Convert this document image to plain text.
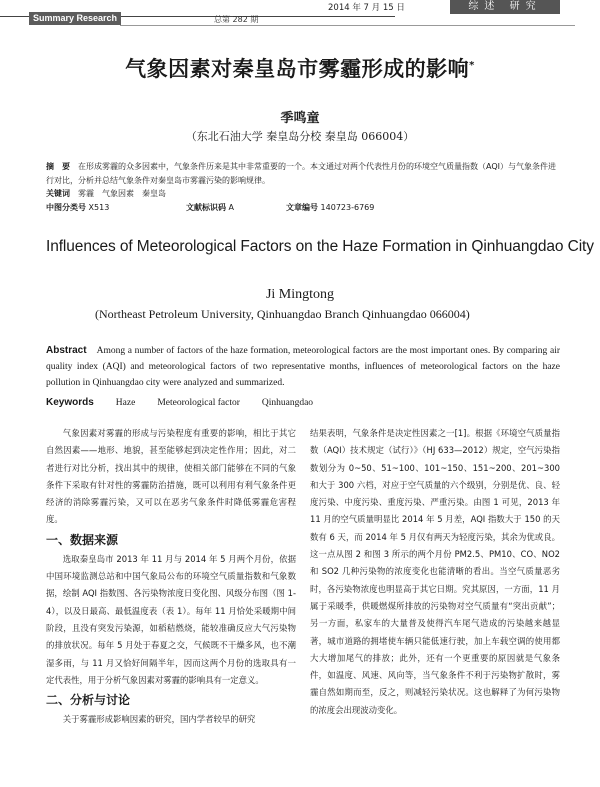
Summary Research	总第 282 期
2014 年 7 月 15 日	综述 研究
气象因素对秦皇岛市雾霾形成的影响*
季鸣童
（东北石油大学 秦皇岛分校 秦皇岛 066004）
摘　要　 在形成雾霾的众多因素中，气象条件历来是其中非常重要的一个。本文通过对两个代表性月份的环境空气质量指数（AQI）与气象条件进行对比，分析并总结气象条件对秦皇岛市雾霾污染的影响规律。
关键词　 雾霾　气象因素　秦皇岛
中图分类号 X513	文献标识码 A	文章编号 140723-6769
Influences of Meteorological Factors on the Haze Formation in Qinhuangdao City
Ji Mingtong
(Northeast Petroleum University, Qinhuangdao Branch Qinhuangdao 066004)
Abstract Among a number of factors of the haze formation, meteorological factors are the most important ones. By comparing air quality index (AQI) and meteorological factors of two representative months, influences of meteorological factors on the haze pollution in Qinhuangdao city were analyzed and summarized.
Keywords Haze Meteorological factor Qinhuangdao

气象因素对雾霾的形成与污染程度有重要的影响，相比于其它自然因素——地形、地貌，甚至能够起到决定性作用；因此，对二者进行对比分析，找出其中的规律，使相关部门能够在不同的气象条件下采取有针对性的雾霾防治措施，既可以利用有利气象条件更经济的消除雾霾污染，又可以在恶劣气象条件时降低雾霾危害程度。

一、数据来源

选取秦皇岛市 2013 年 11 月与 2014 年 5 月两个月份，依据中国环境监测总站和中国气象局公布的环境空气质量指数和气象数据，绘制 AQI 指数图、各污染物浓度日变化图、风级分布图（图 1-4），以及日最高、最低温度表（表 1）。每年 11 月恰处采暖期中间阶段，且没有突发污染源，如稻秸燃烧，能较准确反应大气污染物的排放状况。每年 5 月处于春夏之交，气候既不干燥多风，也不潮湿多雨，与 11 月又恰好间隔半年，因而这两个月份的选取具有一定代表性，用于分析气象因素对雾霾的影响具有一定意义。

二、分析与讨论

关于雾霾形成影响因素的研究，国内学者较早的研究

结果表明，气象条件是决定性因素之一[1]。根据《环境空气质量指数（AQI）技术规定（试行）》（HJ 633—2012）规定，空气污染指数划分为 0~50、51~100、101~150、151~200、201~300 和大于 300 六档，对应于空气质量的六个级别，分别是优、良、轻度污染、中度污染、重度污染、严重污染。由图 1 可见，2013 年 11 月的空气质量明显比 2014 年 5 月差，AQI 指数大于 150 的天数有 6 天，而 2014 年 5 月仅有两天为轻度污染，其余为优或良。这一点从图 2 和图 3 所示的两个月份 PM2.5、PM10、CO、NO2 和 SO2 几种污染物的浓度变化也能清晰的看出。当空气质量恶劣时，各污染物浓度也明显高于其它日期。究其原因，一方面，11 月属于采暖季，供暖燃煤所排放的污染物对空气质量有“突出贡献”；另一方面，私家车的大量普及使得汽车尾气造成的污染越来越显著，城市道路的拥堵使车辆只能低速行驶，加上车载空调的使用都大大增加尾气的排放；此外，还有一个更重要的原因就是气象条件，如温度、风速、风向等，当气象条件不利于污染物扩散时，雾霾自然如期而至，反之，则减轻污染状况。这也解释了为何污染物的浓度会出现波动变化。
